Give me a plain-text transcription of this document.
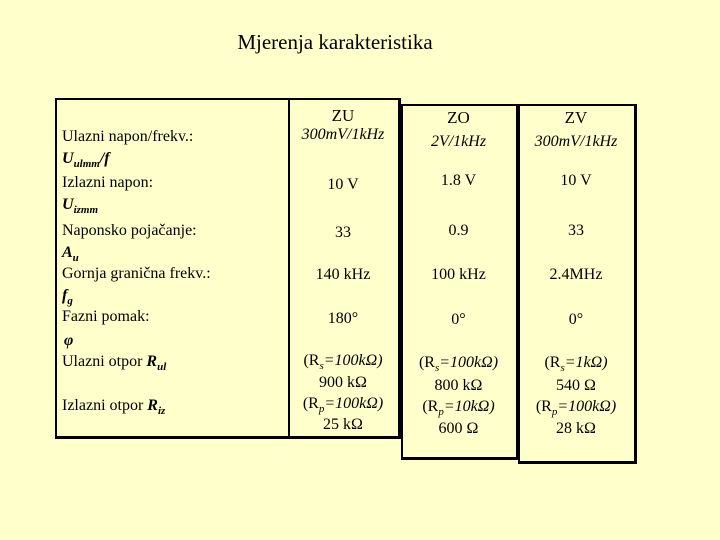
Mjerenja karakteristika
Ulazni napon/frekv.:
$U_{ulmm}/f$
Izlazni napon:
$U_{izmm}$
Naponsko pojačanje:
$A_u$
Gornja granična frekv.:
$f_g$
Fazni pomak:
φ
Ulazni otpor $R_{ul}$
Izlazni otpor $R_{iz}$
ZU
300mV/1kHz
10 V
33
140 kHz
180°
$(R_s=100k\Omega)$
900 kΩ
$(R_p=100k\Omega)$
25 kΩ
ZO
2V/1kHz
1.8 V
0.9
100 kHz
0°
$(R_s=100k\Omega)$
800 kΩ
$(R_p=10k\Omega)$
600 Ω
ZV
300mV/1kHz
10 V
33
2.4MHz
0°
$(R_s=1k\Omega)$
540 Ω
$(R_p=100k\Omega)$
28 kΩ
